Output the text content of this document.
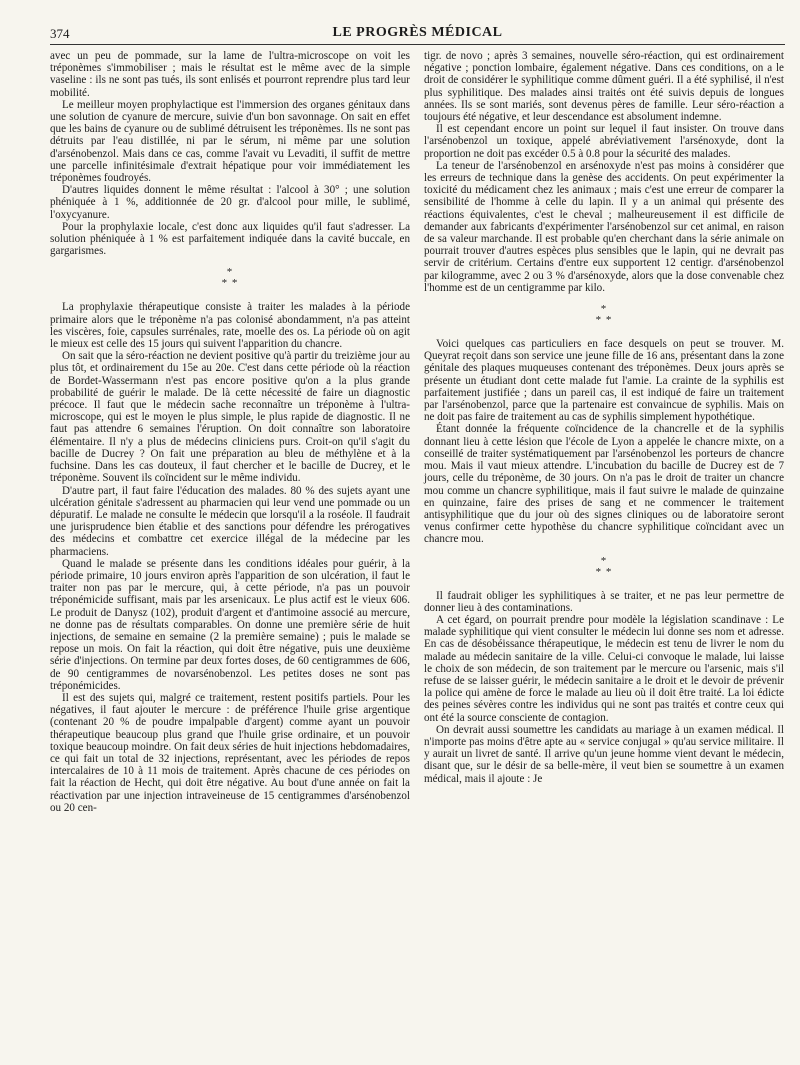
374	LE PROGRÈS MÉDICAL

avec un peu de pommade, sur la lame de l'ultra-microscope on voit les tréponèmes s'immobiliser ; mais le résultat est le même avec de la simple vaseline : ils ne sont pas tués, ils sont enlisés et pourront reprendre plus tard leur mobilité.

Le meilleur moyen prophylactique est l'immersion des organes génitaux dans une solution de cyanure de mercure, suivie d'un bon savonnage. On sait en effet que les bains de cyanure ou de sublimé détruisent les tréponèmes. Ils ne sont pas détruits par l'eau distillée, ni par le sérum, ni même par une solution d'arsénobenzol. Mais dans ce cas, comme l'avait vu Levaditi, il suffit de mettre une parcelle infinitésimale d'extrait hépatique pour voir immédiatement les tréponèmes foudroyés.

D'autres liquides donnent le même résultat : l'alcool à 30° ; une solution phéniquée à 1 %, additionnée de 20 gr. d'alcool pour mille, le sublimé, l'oxycyanure.

Pour la prophylaxie locale, c'est donc aux liquides qu'il faut s'adresser. La solution phéniquée à 1 % est parfaitement indiquée dans la cavité buccale, en gargarismes.

*
* *

La prophylaxie thérapeutique consiste à traiter les malades à la période primaire alors que le tréponème n'a pas colonisé abondamment, n'a pas atteint les viscères, foie, capsules surrénales, rate, moelle des os. La période où on agit le mieux est celle des 15 jours qui suivent l'apparition du chancre.

On sait que la séro-réaction ne devient positive qu'à partir du treizième jour au plus tôt, et ordinairement du 15e au 20e. C'est dans cette période où la réaction de Bordet-Wassermann n'est pas encore positive qu'on a la plus grande probabilité de guérir le malade. De là cette nécessité de faire un diagnostic précoce. Il faut que le médecin sache reconnaître un tréponème à l'ultra-microscope, qui est le moyen le plus simple, le plus rapide de diagnostic. Il ne faut pas attendre 6 semaines l'éruption. On doit connaître son laboratoire élémentaire. Il n'y a plus de médecins cliniciens purs. Croit-on qu'il s'agit du bacille de Ducrey ? On fait une préparation au bleu de méthylène et à la fuchsine. Dans les cas douteux, il faut chercher et le bacille de Ducrey, et le tréponème. Souvent ils coïncident sur le même individu.

D'autre part, il faut faire l'éducation des malades. 80 % des sujets ayant une ulcération génitale s'adressent au pharmacien qui leur vend une pommade ou un dépuratif. Le malade ne consulte le médecin que lorsqu'il a la roséole. Il faudrait une jurisprudence bien établie et des sanctions pour défendre les prérogatives des médecins et combattre cet exercice illégal de la médecine par les pharmaciens.

Quand le malade se présente dans les conditions idéales pour guérir, à la période primaire, 10 jours environ après l'apparition de son ulcération, il faut le traiter non pas par le mercure, qui, à cette période, n'a pas un pouvoir tréponémicide suffisant, mais par les arsenicaux. Le plus actif est le vieux 606. Le produit de Danysz (102), produit d'argent et d'antimoine associé au mercure, ne donne pas de résultats comparables. On donne une première série de huit injections, de semaine en semaine (2 la première semaine) ; puis le malade se repose un mois. On fait la réaction, qui doit être négative, puis une deuxième série d'injections. On termine par deux fortes doses, de 60 centigrammes de 606, de 90 centigrammes de novarsénobenzol. Les petites doses ne sont pas tréponémicides.

Il est des sujets qui, malgré ce traitement, restent positifs partiels. Pour les négatives, il faut ajouter le mercure : de préférence l'huile grise argentique (contenant 20 % de poudre impalpable d'argent) comme ayant un pouvoir thérapeutique beaucoup plus grand que l'huile grise ordinaire, et un pouvoir toxique beaucoup moindre. On fait deux séries de huit injections hebdomadaires, ce qui fait un total de 32 injections, représentant, avec les périodes de repos intercalaires de 10 à 11 mois de traitement. Après chacune de ces périodes on fait la réaction de Hecht, qui doit être négative. Au bout d'une année on fait la réactivation par une injection intraveineuse de 15 centigrammes d'arsénobenzol ou 20 cen-

tigr. de novo ; après 3 semaines, nouvelle séro-réaction, qui est ordinairement négative ; ponction lombaire, également négative. Dans ces conditions, on a le droit de considérer le syphilitique comme dûment guéri. Il a été syphilisé, il n'est plus syphilitique. Des malades ainsi traités ont été suivis depuis de longues années. Ils se sont mariés, sont devenus pères de famille. Leur séro-réaction a toujours été négative, et leur descendance est absolument indemne.

Il est cependant encore un point sur lequel il faut insister. On trouve dans l'arsénobenzol un toxique, appelé abréviativement l'arsénoxyde, dont la proportion ne doit pas excéder 0.5 à 0.8 pour la sécurité des malades.

La teneur de l'arsénobenzol en arsénoxyde n'est pas moins à considérer que les erreurs de technique dans la genèse des accidents. On peut expérimenter la toxicité du médicament chez les animaux ; mais c'est une erreur de comparer la sensibilité de l'homme à celle du lapin. Il y a un animal qui présente des réactions équivalentes, c'est le cheval ; malheureusement il est difficile de demander aux fabricants d'expérimenter l'arsénobenzol sur cet animal, en raison de sa valeur marchande. Il est probable qu'en cherchant dans la série animale on pourrait trouver d'autres espèces plus sensibles que le lapin, qui ne devrait pas servir de critérium. Certains d'entre eux supportent 12 centigr. d'arsénobenzol par kilogramme, avec 2 ou 3 % d'arsénoxyde, alors que la dose convenable chez l'homme est de un centigramme par kilo.

*
* *

Voici quelques cas particuliers en face desquels on peut se trouver. M. Queyrat reçoit dans son service une jeune fille de 16 ans, présentant dans la zone génitale des plaques muqueuses contenant des tréponèmes. Deux jours après se présente un étudiant dont cette malade fut l'amie. La crainte de la syphilis est parfaitement justifiée ; dans un pareil cas, il est indiqué de faire un traitement par l'arsénobenzol, parce que la partenaire est convaincue de syphilis. Mais on ne doit pas faire de traitement au cas de syphilis simplement hypothétique.

Étant donnée la fréquente coïncidence de la chancrelle et de la syphilis donnant lieu à cette lésion que l'école de Lyon a appelée le chancre mixte, on a conseillé de traiter systématiquement par l'arsénobenzol les porteurs de chancre mou. Mais il vaut mieux attendre. L'incubation du bacille de Ducrey est de 7 jours, celle du tréponème, de 30 jours. On n'a pas le droit de traiter un chancre mou comme un chancre syphilitique, mais il faut suivre le malade de quinzaine en quinzaine, faire des prises de sang et ne commencer le traitement antisyphilitique que du jour où des signes cliniques ou de laboratoire seront venus confirmer cette hypothèse du chancre syphilitique coïncidant avec un chancre mou.

*
* *

Il faudrait obliger les syphilitiques à se traiter, et ne pas leur permettre de donner lieu à des contaminations.

A cet égard, on pourrait prendre pour modèle la législation scandinave : Le malade syphilitique qui vient consulter le médecin lui donne ses nom et adresse. En cas de désobéissance thérapeutique, le médecin est tenu de livrer le nom du malade au médecin sanitaire de la ville. Celui-ci convoque le malade, lui laisse le choix de son médecin, de son traitement par le mercure ou l'arsenic, mais s'il refuse de se laisser guérir, le médecin sanitaire a le droit et le devoir de prévenir la police qui amène de force le malade au lieu où il doit être traité. La loi édicte des peines sévères contre les individus qui ne sont pas traités et contre ceux qui ont été la source consciente de contagion.

On devrait aussi soumettre les candidats au mariage à un examen médical. Il n'importe pas moins d'être apte au « service conjugal » qu'au service militaire. Il y aurait un livret de santé. Il arrive qu'un jeune homme vient devant le médecin, disant que, sur le désir de sa belle-mère, il veut bien se soumettre à un examen médical, mais il ajoute : Je
